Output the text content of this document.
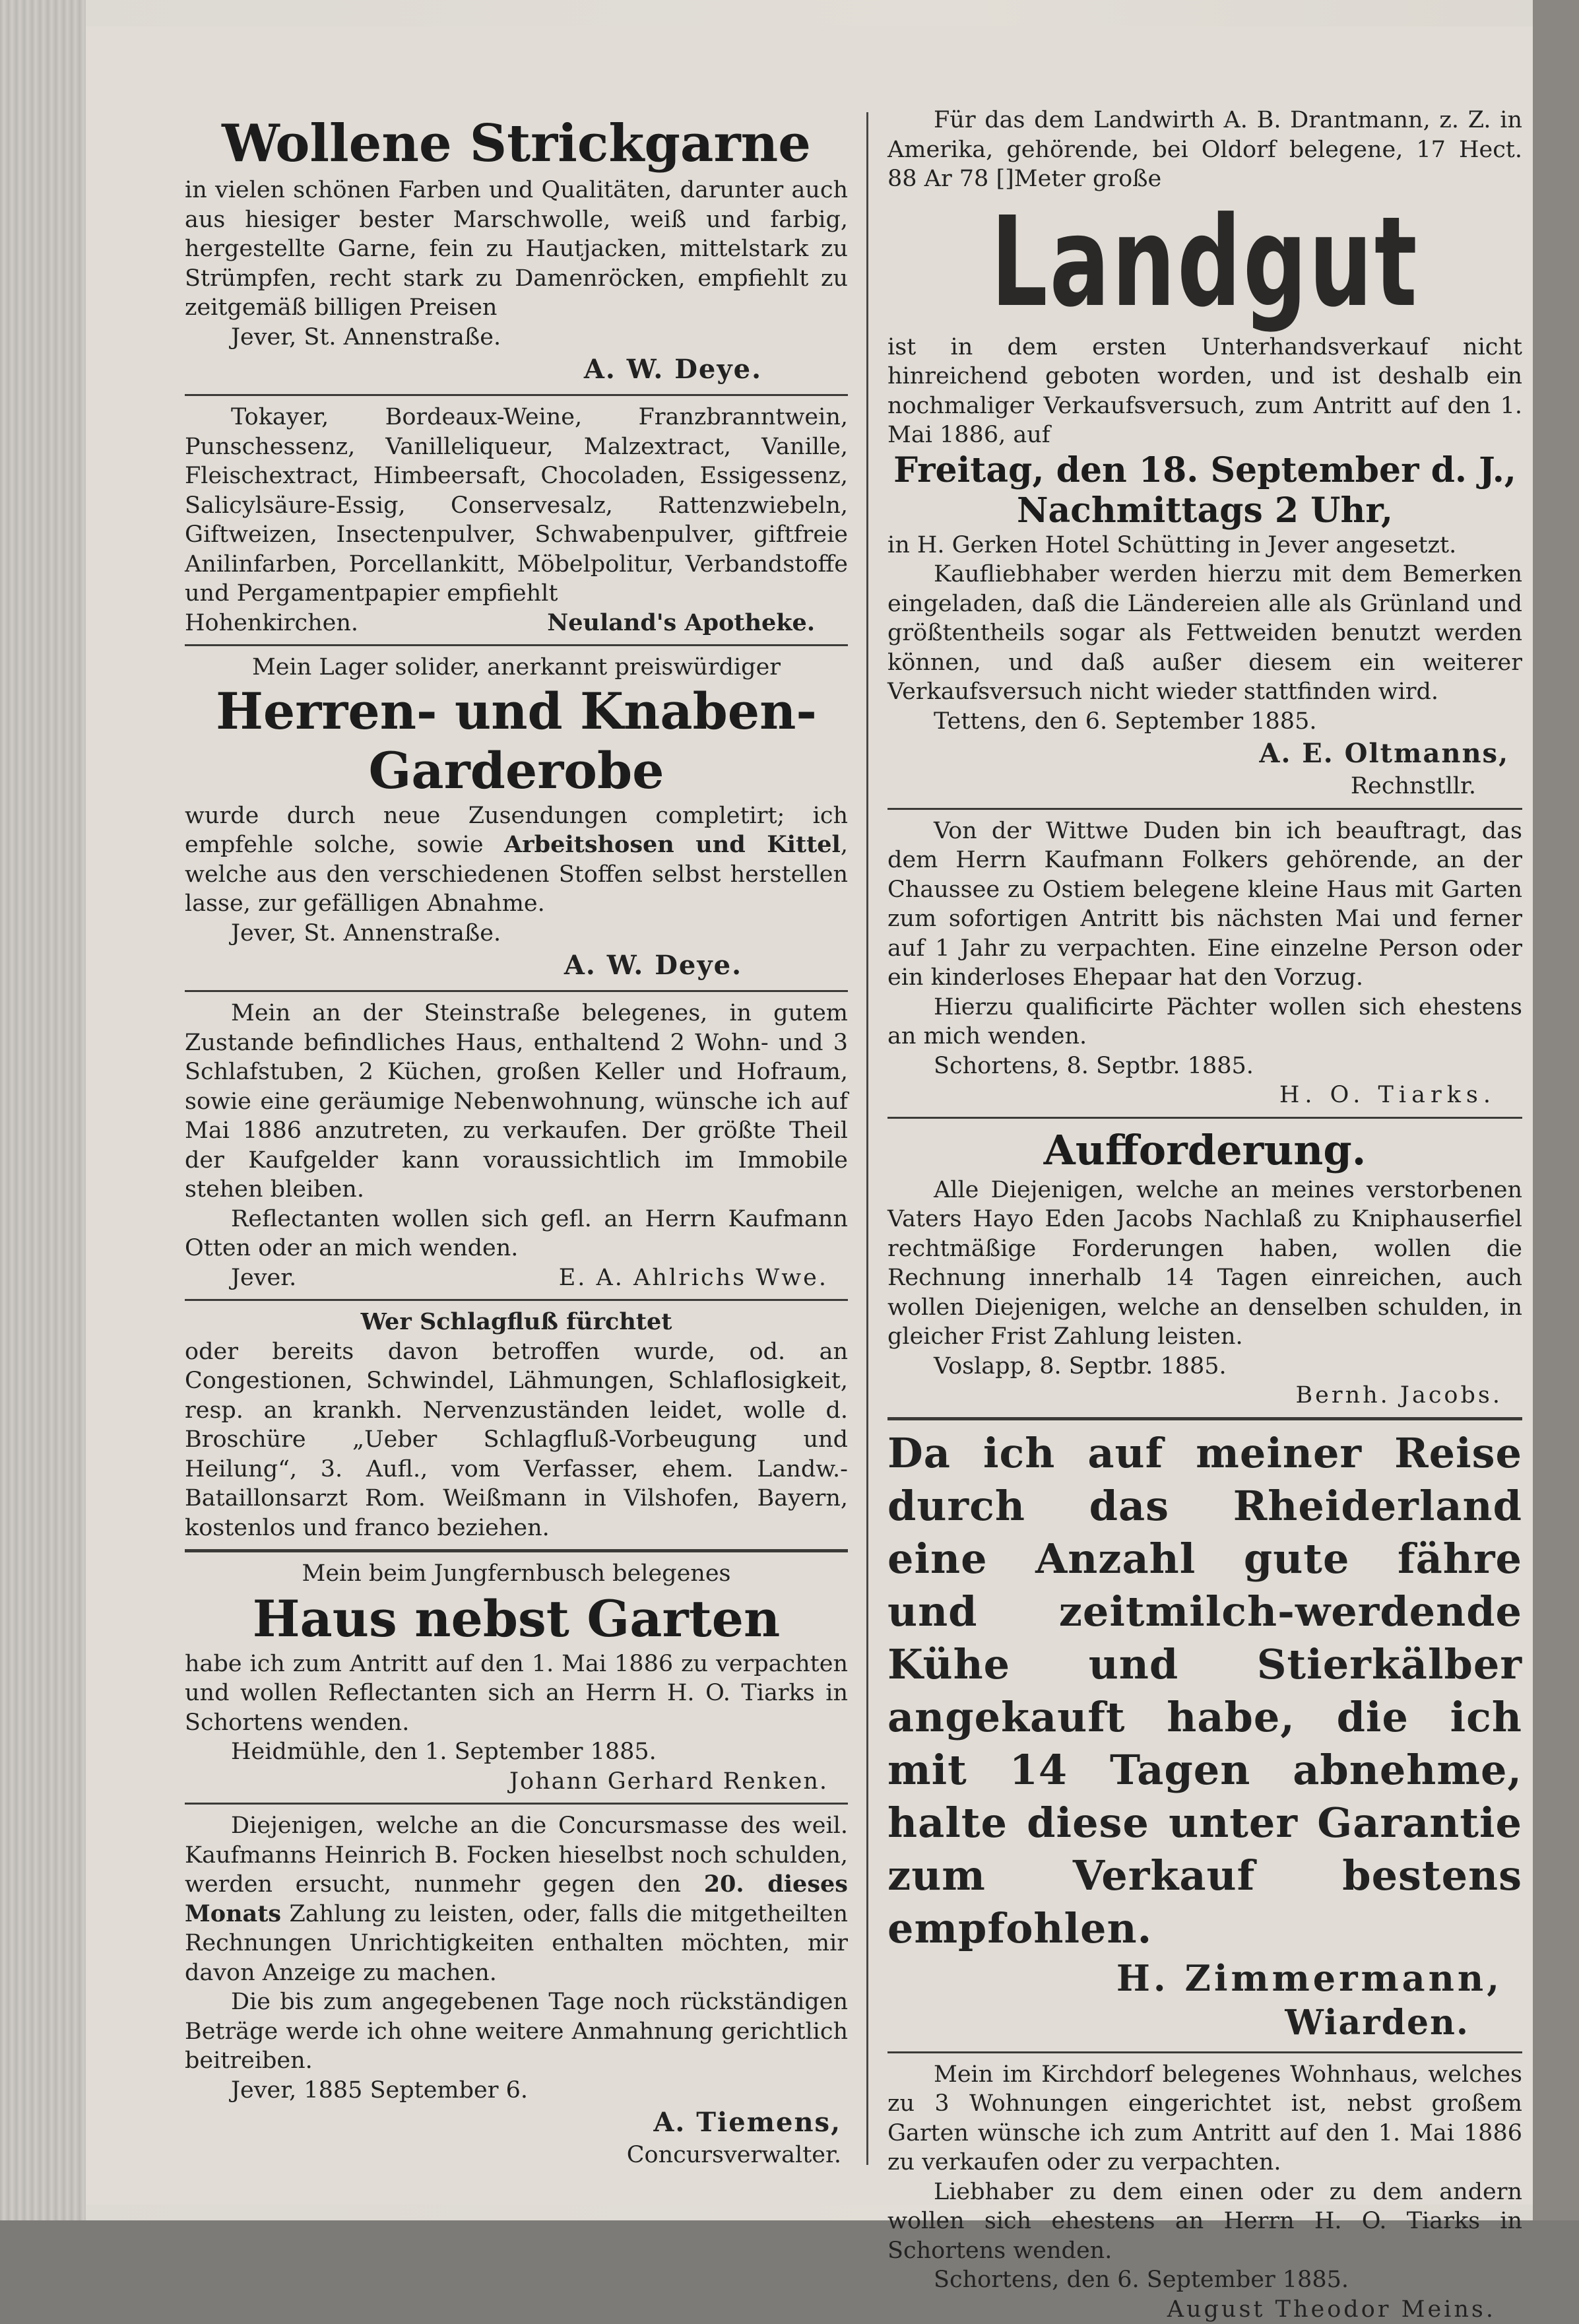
Wollene Strickgarne

in vielen schönen Farben und Qualitäten, darunter auch aus hiesiger bester Marschwolle, weiß und farbig, hergestellte Garne, fein zu Hautjacken, mittelstark zu Strümpfen, recht stark zu Damenröcken, empfiehlt zu zeitgemäß billigen Preisen

Jever, St. Annenstraße.

A. W. Deye.

Tokayer, Bordeaux-Weine, Franzbranntwein, Punschessenz, Vanilleliqueur, Malzextract, Vanille, Fleischextract, Himbeersaft, Chocoladen, Essigessenz, Salicylsäure-Essig, Conservesalz, Rattenzwiebeln, Giftweizen, Insectenpulver, Schwabenpulver, giftfreie Anilinfarben, Porcellankitt, Möbelpolitur, Verbandstoffe und Pergamentpapier empfiehlt

Hohenkirchen.	Neuland's Apotheke.

Mein Lager solider, anerkannt preiswürdiger

Herren- und Knaben-

Garderobe

wurde durch neue Zusendungen completirt; ich empfehle solche, sowie Arbeitshosen und Kittel, welche aus den verschiedenen Stoffen selbst herstellen lasse, zur gefälligen Abnahme.

Jever, St. Annenstraße.

A. W. Deye.

Mein an der Steinstraße belegenes, in gutem Zustande befindliches Haus, enthaltend 2 Wohn- und 3 Schlafstuben, 2 Küchen, großen Keller und Hofraum, sowie eine geräumige Nebenwohnung, wünsche ich auf Mai 1886 anzutreten, zu verkaufen. Der größte Theil der Kaufgelder kann voraussichtlich im Immobile stehen bleiben.

Reflectanten wollen sich gefl. an Herrn Kaufmann Otten oder an mich wenden.

Jever.	E. A. Ahlrichs Wwe.

Wer Schlagfluß fürchtet

oder bereits davon betroffen wurde, od. an Congestionen, Schwindel, Lähmungen, Schlaflosigkeit, resp. an krankh. Nervenzuständen leidet, wolle d. Broschüre „Ueber Schlagfluß-Vorbeugung und Heilung“, 3. Aufl., vom Verfasser, ehem. Landw.-Bataillonsarzt Rom. Weißmann in Vilshofen, Bayern, kostenlos und franco beziehen.

Mein beim Jungfernbusch belegenes

Haus nebst Garten

habe ich zum Antritt auf den 1. Mai 1886 zu verpachten und wollen Reflectanten sich an Herrn H. O. Tiarks in Schortens wenden.

Heidmühle, den 1. September 1885.

Johann Gerhard Renken.

Diejenigen, welche an die Concursmasse des weil. Kaufmanns Heinrich B. Focken hieselbst noch schulden, werden ersucht, nunmehr gegen den 20. dieses Monats Zahlung zu leisten, oder, falls die mitgetheilten Rechnungen Unrichtigkeiten enthalten möchten, mir davon Anzeige zu machen.

Die bis zum angegebenen Tage noch rückständigen Beträge werde ich ohne weitere Anmahnung gerichtlich beitreiben.

Jever, 1885 September 6.

A. Tiemens,

Concursverwalter.

Für das dem Landwirth A. B. Drantmann, z. Z. in Amerika, gehörende, bei Oldorf belegene, 17 Hect. 88 Ar 78 []Meter große

Landgut

ist in dem ersten Unterhandsverkauf nicht hinreichend geboten worden, und ist deshalb ein nochmaliger Verkaufsversuch, zum Antritt auf den 1. Mai 1886, auf

Freitag, den 18. September d. J.,

Nachmittags 2 Uhr,

in H. Gerken Hotel Schütting in Jever angesetzt.

Kaufliebhaber werden hierzu mit dem Bemerken eingeladen, daß die Ländereien alle als Grünland und größtentheils sogar als Fettweiden benutzt werden können, und daß außer diesem ein weiterer Verkaufsversuch nicht wieder stattfinden wird.

Tettens, den 6. September 1885.

A. E. Oltmanns,

Rechnstllr.

Von der Wittwe Duden bin ich beauftragt, das dem Herrn Kaufmann Folkers gehörende, an der Chaussee zu Ostiem belegene kleine Haus mit Garten zum sofortigen Antritt bis nächsten Mai und ferner auf 1 Jahr zu verpachten. Eine einzelne Person oder ein kinderloses Ehepaar hat den Vorzug.

Hierzu qualificirte Pächter wollen sich ehestens an mich wenden.

Schortens, 8. Septbr. 1885.

H. O. Tiarks.

Aufforderung.

Alle Diejenigen, welche an meines verstorbenen Vaters Hayo Eden Jacobs Nachlaß zu Kniphauserfiel rechtmäßige Forderungen haben, wollen die Rechnung innerhalb 14 Tagen einreichen, auch wollen Diejenigen, welche an denselben schulden, in gleicher Frist Zahlung leisten.

Voslapp, 8. Septbr. 1885.

Bernh. Jacobs.

Da ich auf meiner Reise durch das Rheiderland eine Anzahl gute fähre und zeitmilch-werdende Kühe und Stierkälber angekauft habe, die ich mit 14 Tagen abnehme, halte diese unter Garantie zum Verkauf bestens empfohlen.

H. Zimmermann,

Wiarden.

Mein im Kirchdorf belegenes Wohnhaus, welches zu 3 Wohnungen eingerichtet ist, nebst großem Garten wünsche ich zum Antritt auf den 1. Mai 1886 zu verkaufen oder zu verpachten.

Liebhaber zu dem einen oder zu dem andern wollen sich ehestens an Herrn H. O. Tiarks in Schortens wenden.

Schortens, den 6. September 1885.

August Theodor Meins.
